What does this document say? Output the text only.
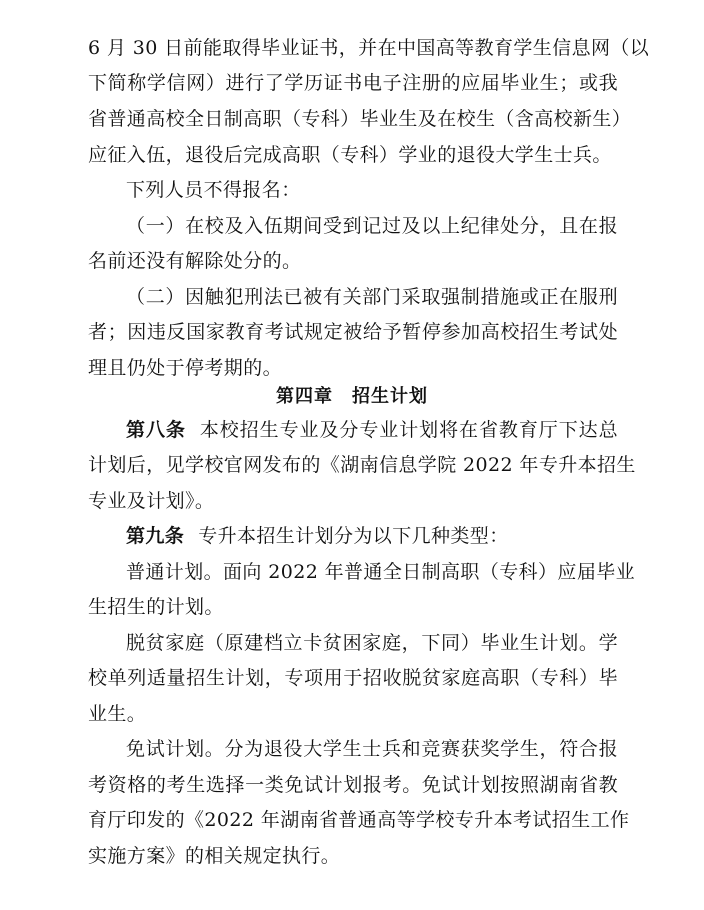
6 月 30 日前能取得毕业证书，并在中国高等教育学生信息网（以
下简称学信网）进行了学历证书电子注册的应届毕业生；或我
省普通高校全日制高职（专科）毕业生及在校生（含高校新生）
应征入伍，退役后完成高职（专科）学业的退役大学生士兵。
下列人员不得报名：
（一）在校及入伍期间受到记过及以上纪律处分，且在报
名前还没有解除处分的。
（二）因触犯刑法已被有关部门采取强制措施或正在服刑
者；因违反国家教育考试规定被给予暂停参加高校招生考试处
理且仍处于停考期的。
第四章　招生计划
第八条 本校招生专业及分专业计划将在省教育厅下达总
计划后，见学校官网发布的《湖南信息学院 2022 年专升本招生
专业及计划》。
第九条 专升本招生计划分为以下几种类型：
普通计划。面向 2022 年普通全日制高职（专科）应届毕业
生招生的计划。
脱贫家庭（原建档立卡贫困家庭，下同）毕业生计划。学
校单列适量招生计划，专项用于招收脱贫家庭高职（专科）毕
业生。
免试计划。分为退役大学生士兵和竞赛获奖学生，符合报
考资格的考生选择一类免试计划报考。免试计划按照湖南省教
育厅印发的《2022 年湖南省普通高等学校专升本考试招生工作
实施方案》的相关规定执行。
